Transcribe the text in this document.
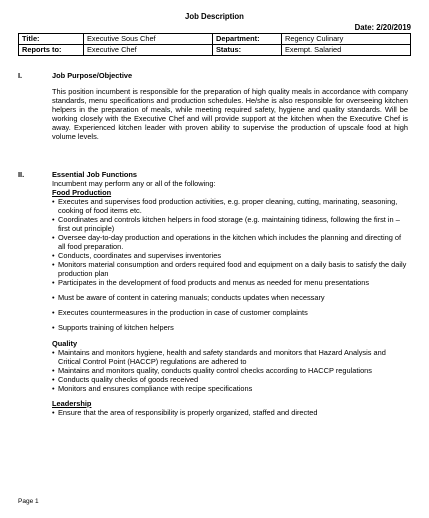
Job Description
Date: 2/20/2019
Title:	Executive Sous Chef	Department:	Regency Culinary
Reports to:	Executive Chef	Status:	Exempt. Salaried
I.	Job Purpose/Objective
This position incumbent is responsible for the preparation of high quality meals in accordance with company standards, menu specifications and production schedules. He/she is also responsible for overseeing kitchen helpers in the preparation of meals, while meeting required safety, hygiene and quality standards. Will be working closely with the Executive Chef and will provide support at the kitchen when the Executive Chef is away. Experienced kitchen leader with proven ability to supervise the production of upscale food at high volume levels.
II.	Essential Job Functions
Incumbent may perform any or all of the following:
Food Production
• Executes and supervises food production activities, e.g. proper cleaning, cutting, marinating, seasoning, cooking of food items etc.
• Coordinates and controls kitchen helpers in food storage (e.g. maintaining tidiness, following the first in – first out principle)
• Oversee day-to-day production and operations in the kitchen which includes the planning and directing of all food preparation.
• Conducts, coordinates and supervises inventories
• Monitors material consumption and orders required food and equipment on a daily basis to satisfy the daily production plan
• Participates in the development of food products and menus as needed for menu presentations
• Must be aware of content in catering manuals; conducts updates when necessary
• Executes countermeasures in the production in case of customer complaints
• Supports training of kitchen helpers
Quality
• Maintains and monitors hygiene, health and safety standards and monitors that Hazard Analysis and Critical Control Point (HACCP) regulations are adhered to
• Maintains and monitors quality, conducts quality control checks according to HACCP regulations
• Conducts quality checks of goods received
• Monitors and ensures compliance with recipe specifications
Leadership
• Ensure that the area of responsibility is properly organized, staffed and directed
Page 1
